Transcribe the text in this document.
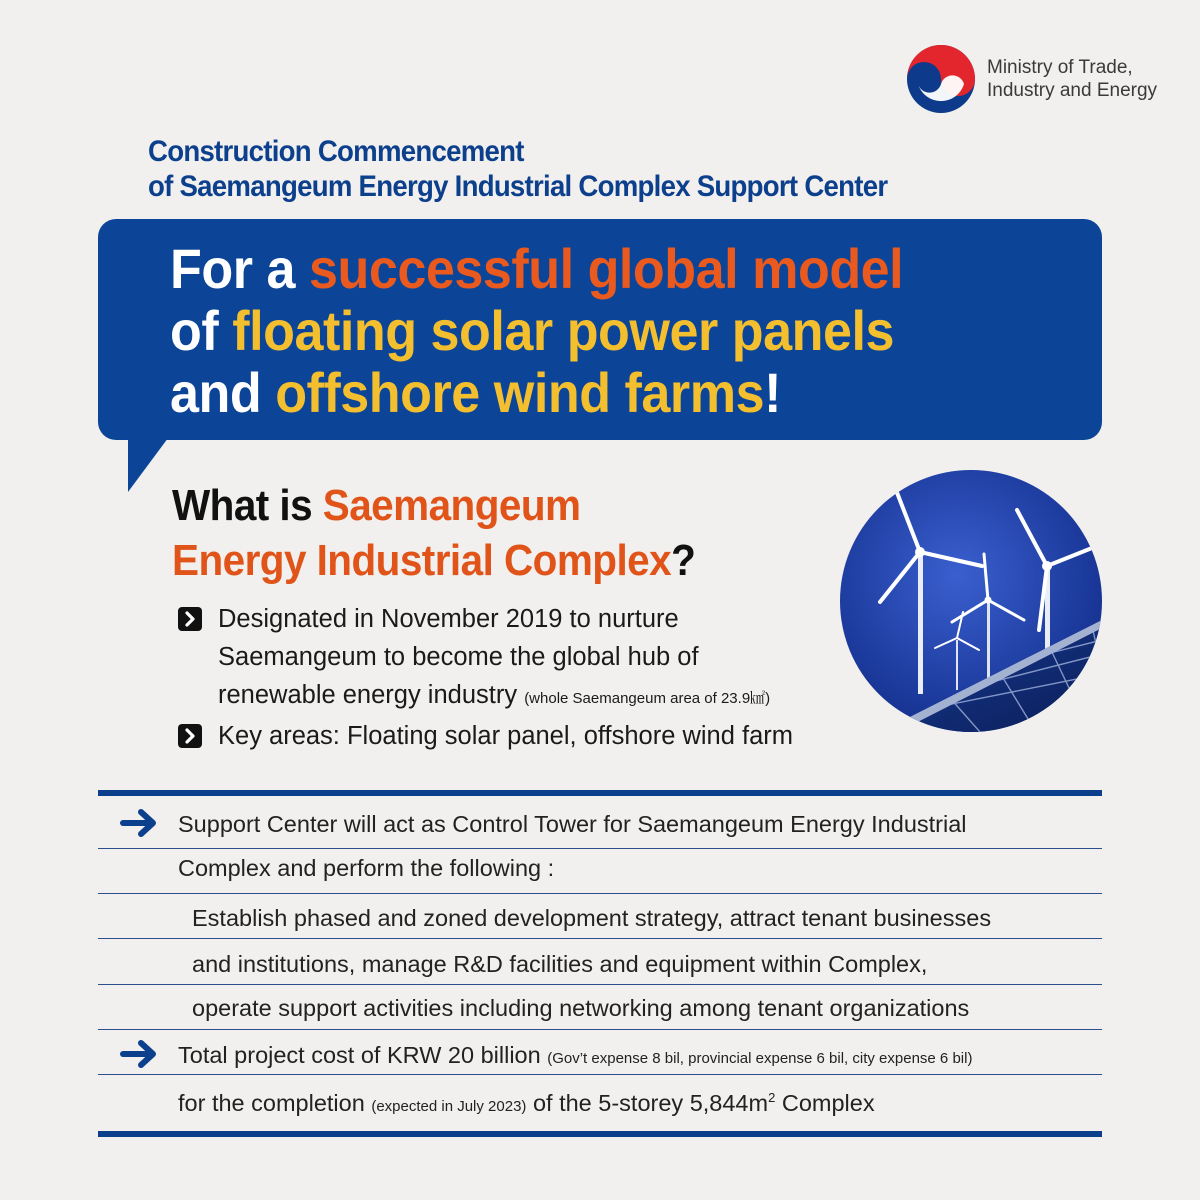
Ministry of Trade,
Industry and Energy
Construction Commencement
of Saemangeum Energy Industrial Complex Support Center
For a successful global model
of floating solar power panels
and offshore wind farms!
What is Saemangeum
Energy Industrial Complex?
Designated in November 2019 to nurture
Saemangeum to become the global hub of
renewable energy industry (whole Saemangeum area of 23.9㎢)
Key areas: Floating solar panel, offshore wind farm
Support Center will act as Control Tower for Saemangeum Energy Industrial
Complex and perform the following :
Establish phased and zoned development strategy, attract tenant businesses
and institutions, manage R&D facilities and equipment within Complex,
operate support activities including networking among tenant organizations
Total project cost of KRW 20 billion (Gov’t expense 8 bil, provincial expense 6 bil, city expense 6 bil)
for the completion (expected in July 2023) of the 5-storey $5,844m^2$ Complex
